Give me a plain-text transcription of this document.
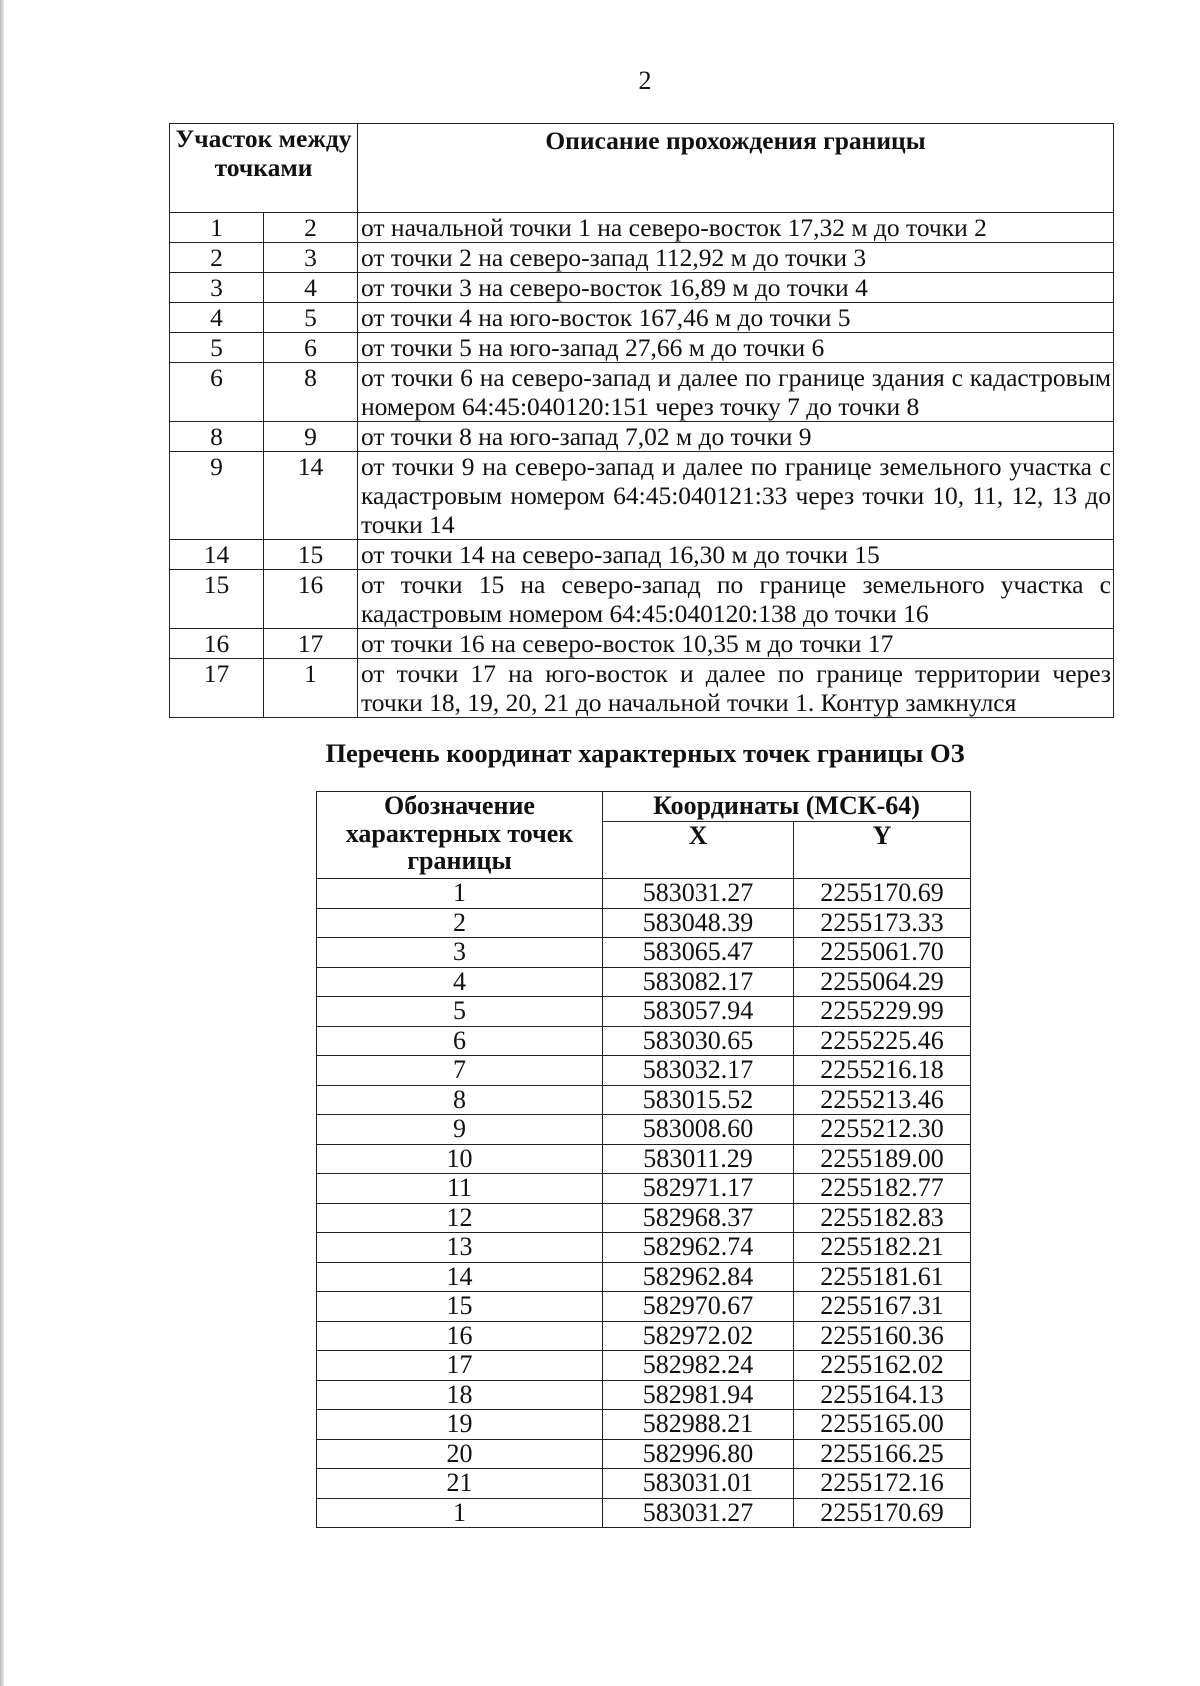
2
Участок между точками		Описание прохождения границы
1	2	от начальной точки 1 на северо-восток 17,32 м до точки 2
2	3	от точки 2 на северо-запад 112,92 м до точки 3
3	4	от точки 3 на северо-восток 16,89 м до точки 4
4	5	от точки 4 на юго-восток 167,46 м до точки 5
5	6	от точки 5 на юго-запад 27,66 м до точки 6
6	8	от точки 6 на северо-запад и далее по границе здания с кадастровым номером 64:45:040120:151 через точку 7 до точки 8
8	9	от точки 8 на юго-запад 7,02 м до точки 9
9	14	от точки 9 на северо-запад и далее по границе земельного участка с кадастровым номером 64:45:040121:33 через точки 10, 11, 12, 13 до точки 14
14	15	от точки 14 на северо-запад 16,30 м до точки 15
15	16	от точки 15 на северо-запад по границе земельного участка с кадастровым номером 64:45:040120:138 до точки 16
16	17	от точки 16 на северо-восток 10,35 м до точки 17
17	1	от точки 17 на юго-восток и далее по границе территории через точки 18, 19, 20, 21 до начальной точки 1. Контур замкнулся
Перечень координат характерных точек границы ОЗ
Обозначение характерных точек границы	Координаты (МСК-64)	
	X	Y
1	583031.27	2255170.69
2	583048.39	2255173.33
3	583065.47	2255061.70
4	583082.17	2255064.29
5	583057.94	2255229.99
6	583030.65	2255225.46
7	583032.17	2255216.18
8	583015.52	2255213.46
9	583008.60	2255212.30
10	583011.29	2255189.00
11	582971.17	2255182.77
12	582968.37	2255182.83
13	582962.74	2255182.21
14	582962.84	2255181.61
15	582970.67	2255167.31
16	582972.02	2255160.36
17	582982.24	2255162.02
18	582981.94	2255164.13
19	582988.21	2255165.00
20	582996.80	2255166.25
21	583031.01	2255172.16
1	583031.27	2255170.69
